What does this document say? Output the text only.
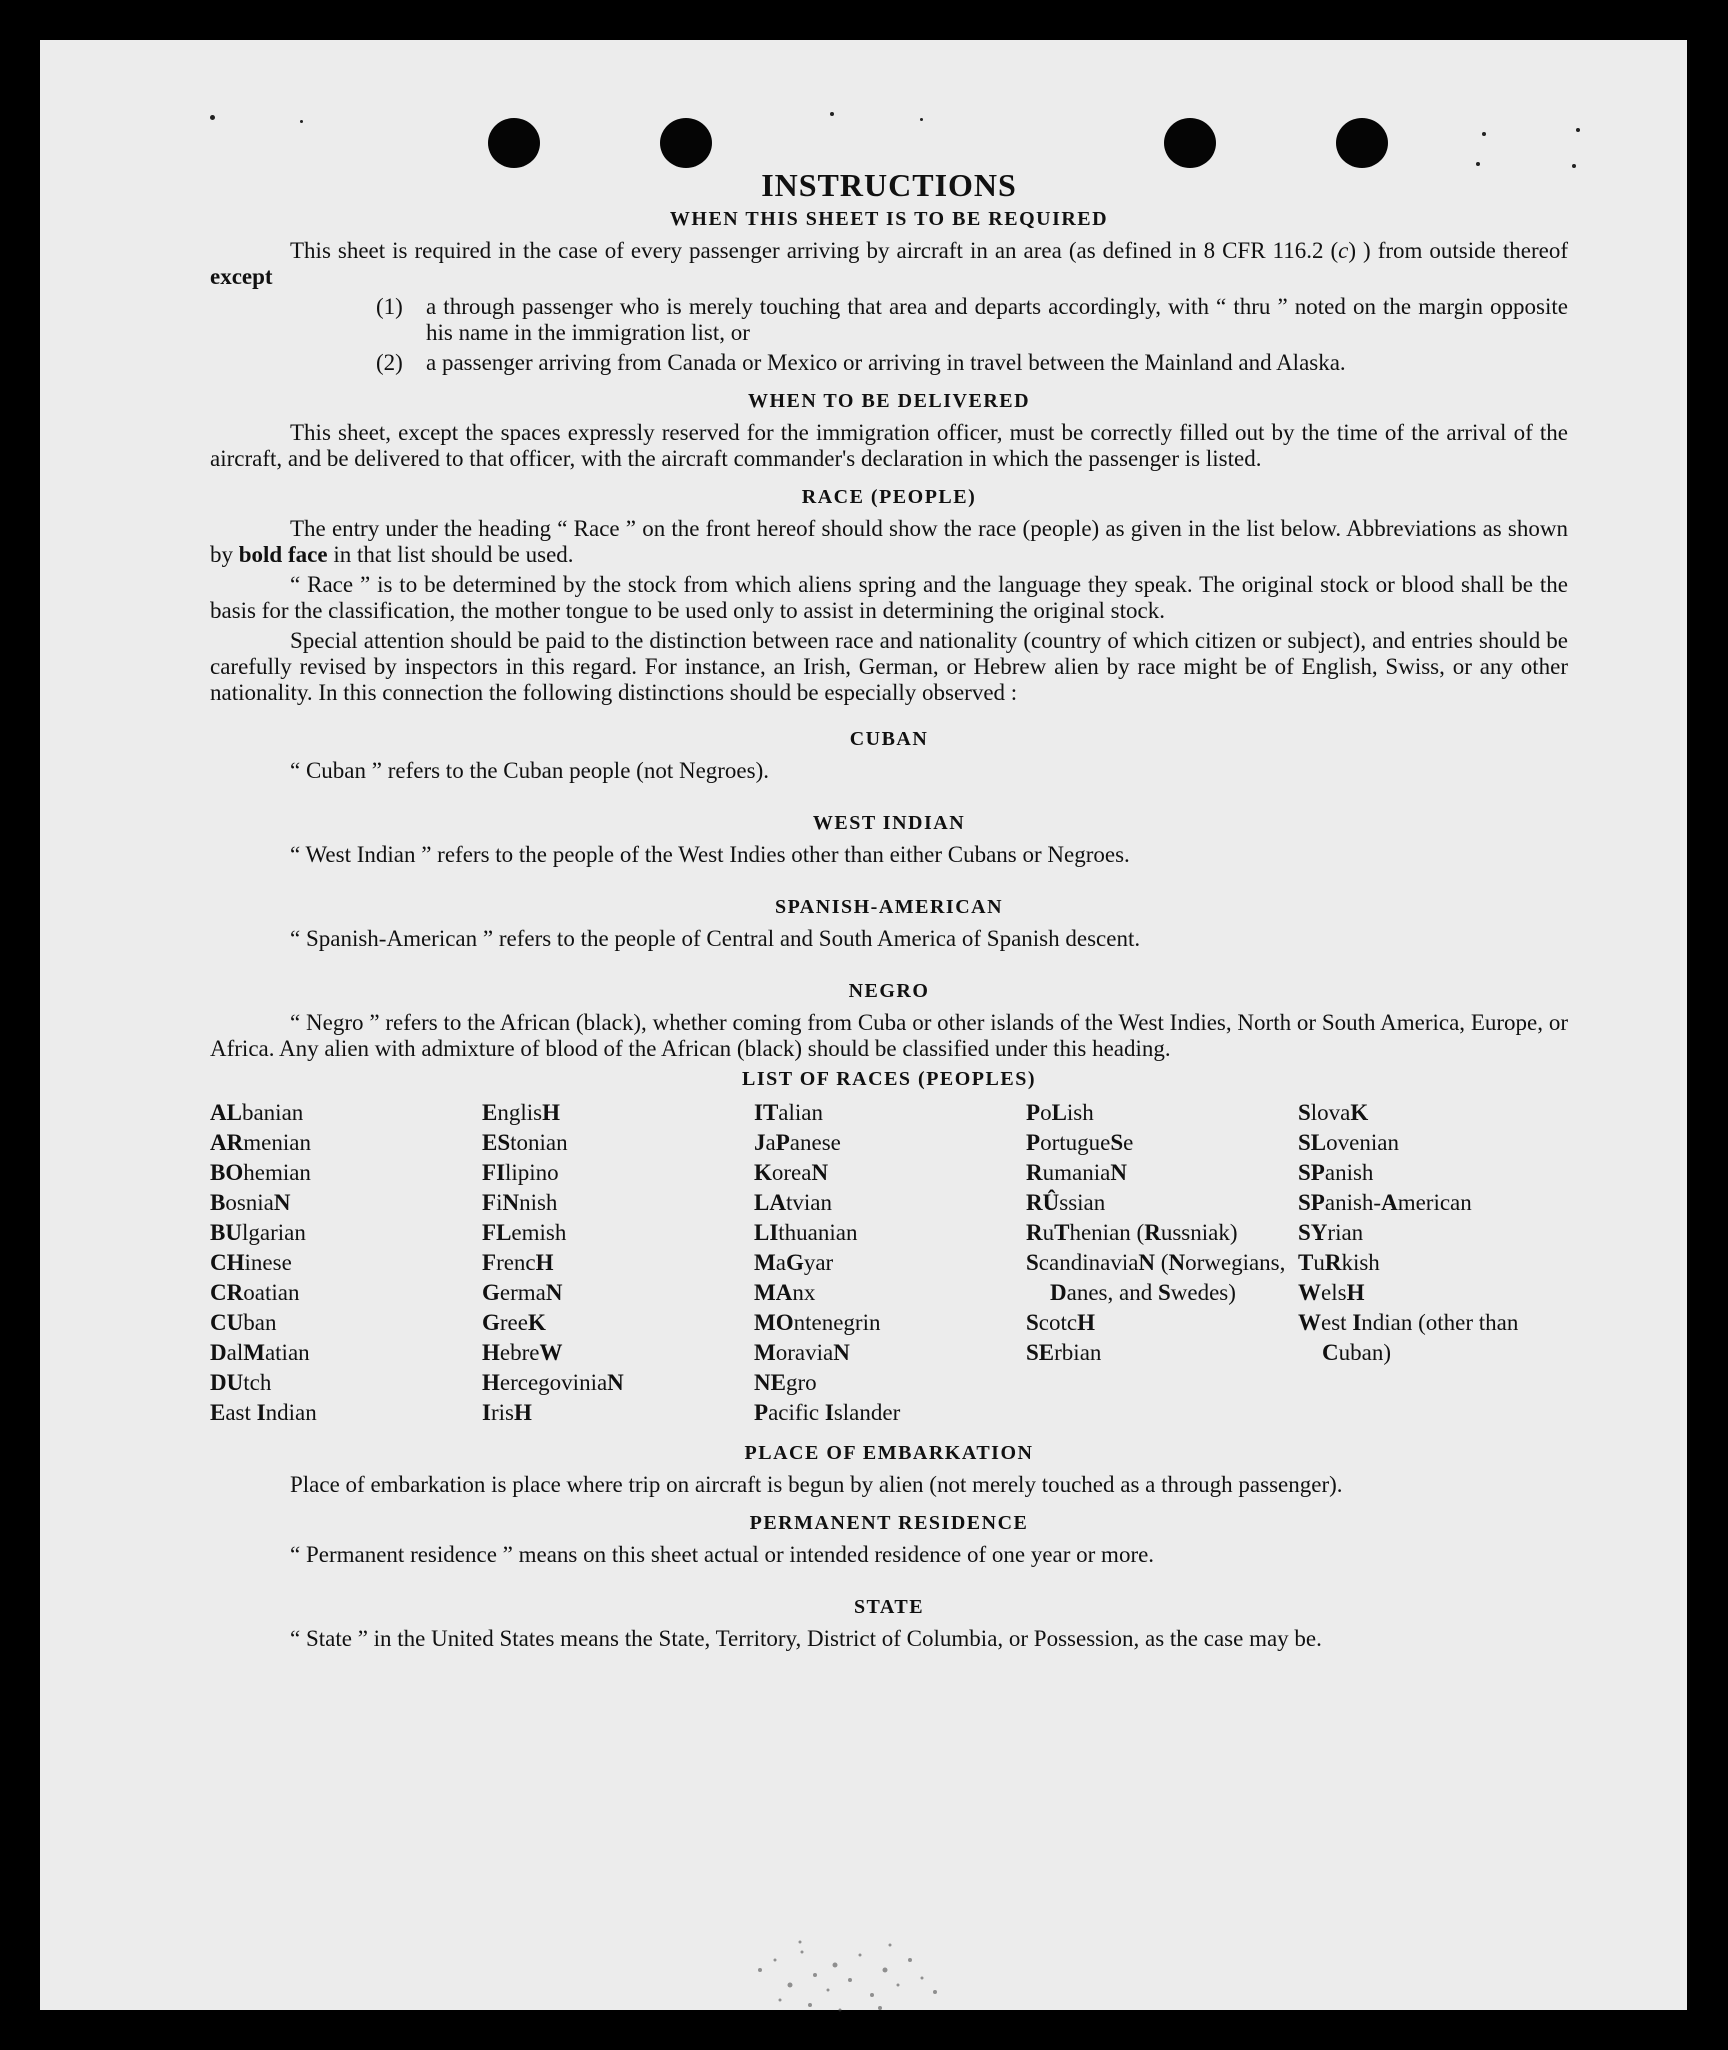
INSTRUCTIONS
WHEN THIS SHEET IS TO BE REQUIRED

This sheet is required in the case of every passenger arriving by aircraft in an area (as defined in 8 CFR 116.2 (c) ) from outside thereof except

(1)	a through passenger who is merely touching that area and departs accordingly, with “ thru ” noted on the margin opposite his name in the immigration list, or
(2)	a passenger arriving from Canada or Mexico or arriving in travel between the Mainland and Alaska.
WHEN TO BE DELIVERED

This sheet, except the spaces expressly reserved for the immigration officer, must be correctly filled out by the time of the arrival of the aircraft, and be delivered to that officer, with the aircraft commander's declaration in which the passenger is listed.

RACE (PEOPLE)

The entry under the heading “ Race ” on the front hereof should show the race (people) as given in the list below. Abbreviations as shown by bold face in that list should be used.

“ Race ” is to be determined by the stock from which aliens spring and the language they speak. The original stock or blood shall be the basis for the classification, the mother tongue to be used only to assist in determining the original stock.

Special attention should be paid to the distinction between race and nationality (country of which citizen or subject), and entries should be carefully revised by inspectors in this regard. For instance, an Irish, German, or Hebrew alien by race might be of English, Swiss, or any other nationality. In this connection the following distinctions should be especially observed :

CUBAN

“ Cuban ” refers to the Cuban people (not Negroes).

WEST INDIAN

“ West Indian ” refers to the people of the West Indies other than either Cubans or Negroes.

SPANISH-AMERICAN

“ Spanish-American ” refers to the people of Central and South America of Spanish descent.

NEGRO

“ Negro ” refers to the African (black), whether coming from Cuba or other islands of the West Indies, North or South America, Europe, or Africa. Any alien with admixture of blood of the African (black) should be classified under this heading.

LIST OF RACES (PEOPLES)
ALbanian
ARmenian
BOhemian
BosniaN
BUlgarian
CHinese
CRoatian
CUban
DalMatian
DUtch
East Indian
EnglisH
EStonian
FIlipino
FiNnish
FLemish
FrencH
GermaN
GreeK
HebreW
HercegoviniaN
IrisH
ITalian
JaPanese
KoreaN
LAtvian
LIthuanian
MaGyar
MAnx
MOntenegrin
MoraviaN
NEgro
Pacific Islander
PoLish
PortugueSe
RumaniaN
RÛssian
RuThenian (Russniak)
ScandinaviaN (Norwegians, Danes, and Swedes)
ScotcH
SErbian
SlovaK
SLovenian
SPanish
SPanish-American
SYrian
TuRkish
WelsH
West Indian (other than Cuban)
PLACE OF EMBARKATION

Place of embarkation is place where trip on aircraft is begun by alien (not merely touched as a through passenger).

PERMANENT RESIDENCE

“ Permanent residence ” means on this sheet actual or intended residence of one year or more.

STATE

“ State ” in the United States means the State, Territory, District of Columbia, or Possession, as the case may be.
